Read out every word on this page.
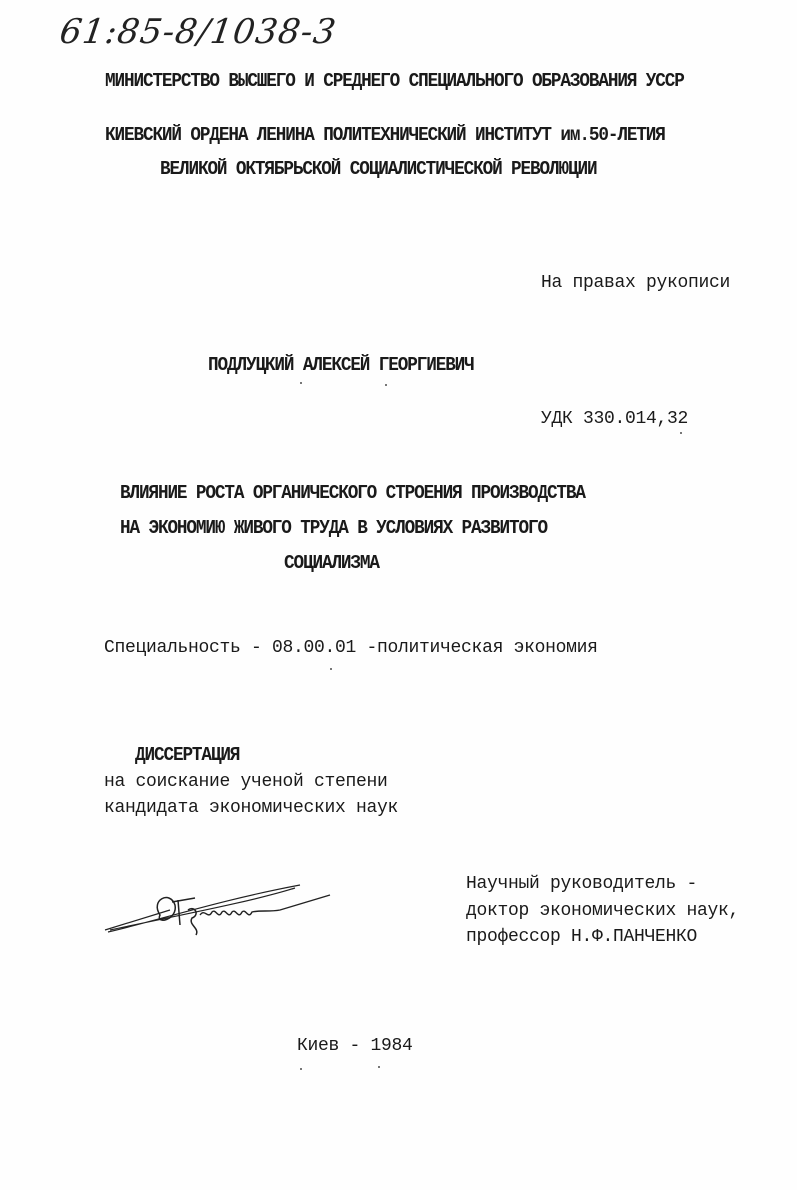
61:85-8/1038-3
МИНИСТЕРСТВО ВЫСШЕГО И СРЕДНЕГО СПЕЦИАЛЬНОГО ОБРАЗОВАНИЯ УССР
КИЕВСКИЙ ОРДЕНА ЛЕНИНА ПОЛИТЕХНИЧЕСКИЙ ИНСТИТУТ им.50-ЛЕТИЯ
ВЕЛИКОЙ ОКТЯБРЬСКОЙ СОЦИАЛИСТИЧЕСКОЙ РЕВОЛЮЦИИ
На правах рукописи
ПОДЛУЦКИЙ АЛЕКСЕЙ ГЕОРГИЕВИЧ
УДК 330.014,32
ВЛИЯНИЕ РОСТА ОРГАНИЧЕСКОГО СТРОЕНИЯ ПРОИЗВОДСТВА
НА ЭКОНОМИЮ ЖИВОГО ТРУДА В УСЛОВИЯХ РАЗВИТОГО
СОЦИАЛИЗМА
Специальность - 08.00.01 -политическая экономия
ДИССЕРТАЦИЯ
на соискание ученой степени
кандидата экономических наук
Научный руководитель -
доктор экономических наук,
профессор Н.Ф.ПАНЧЕНКО
Киев - 1984
